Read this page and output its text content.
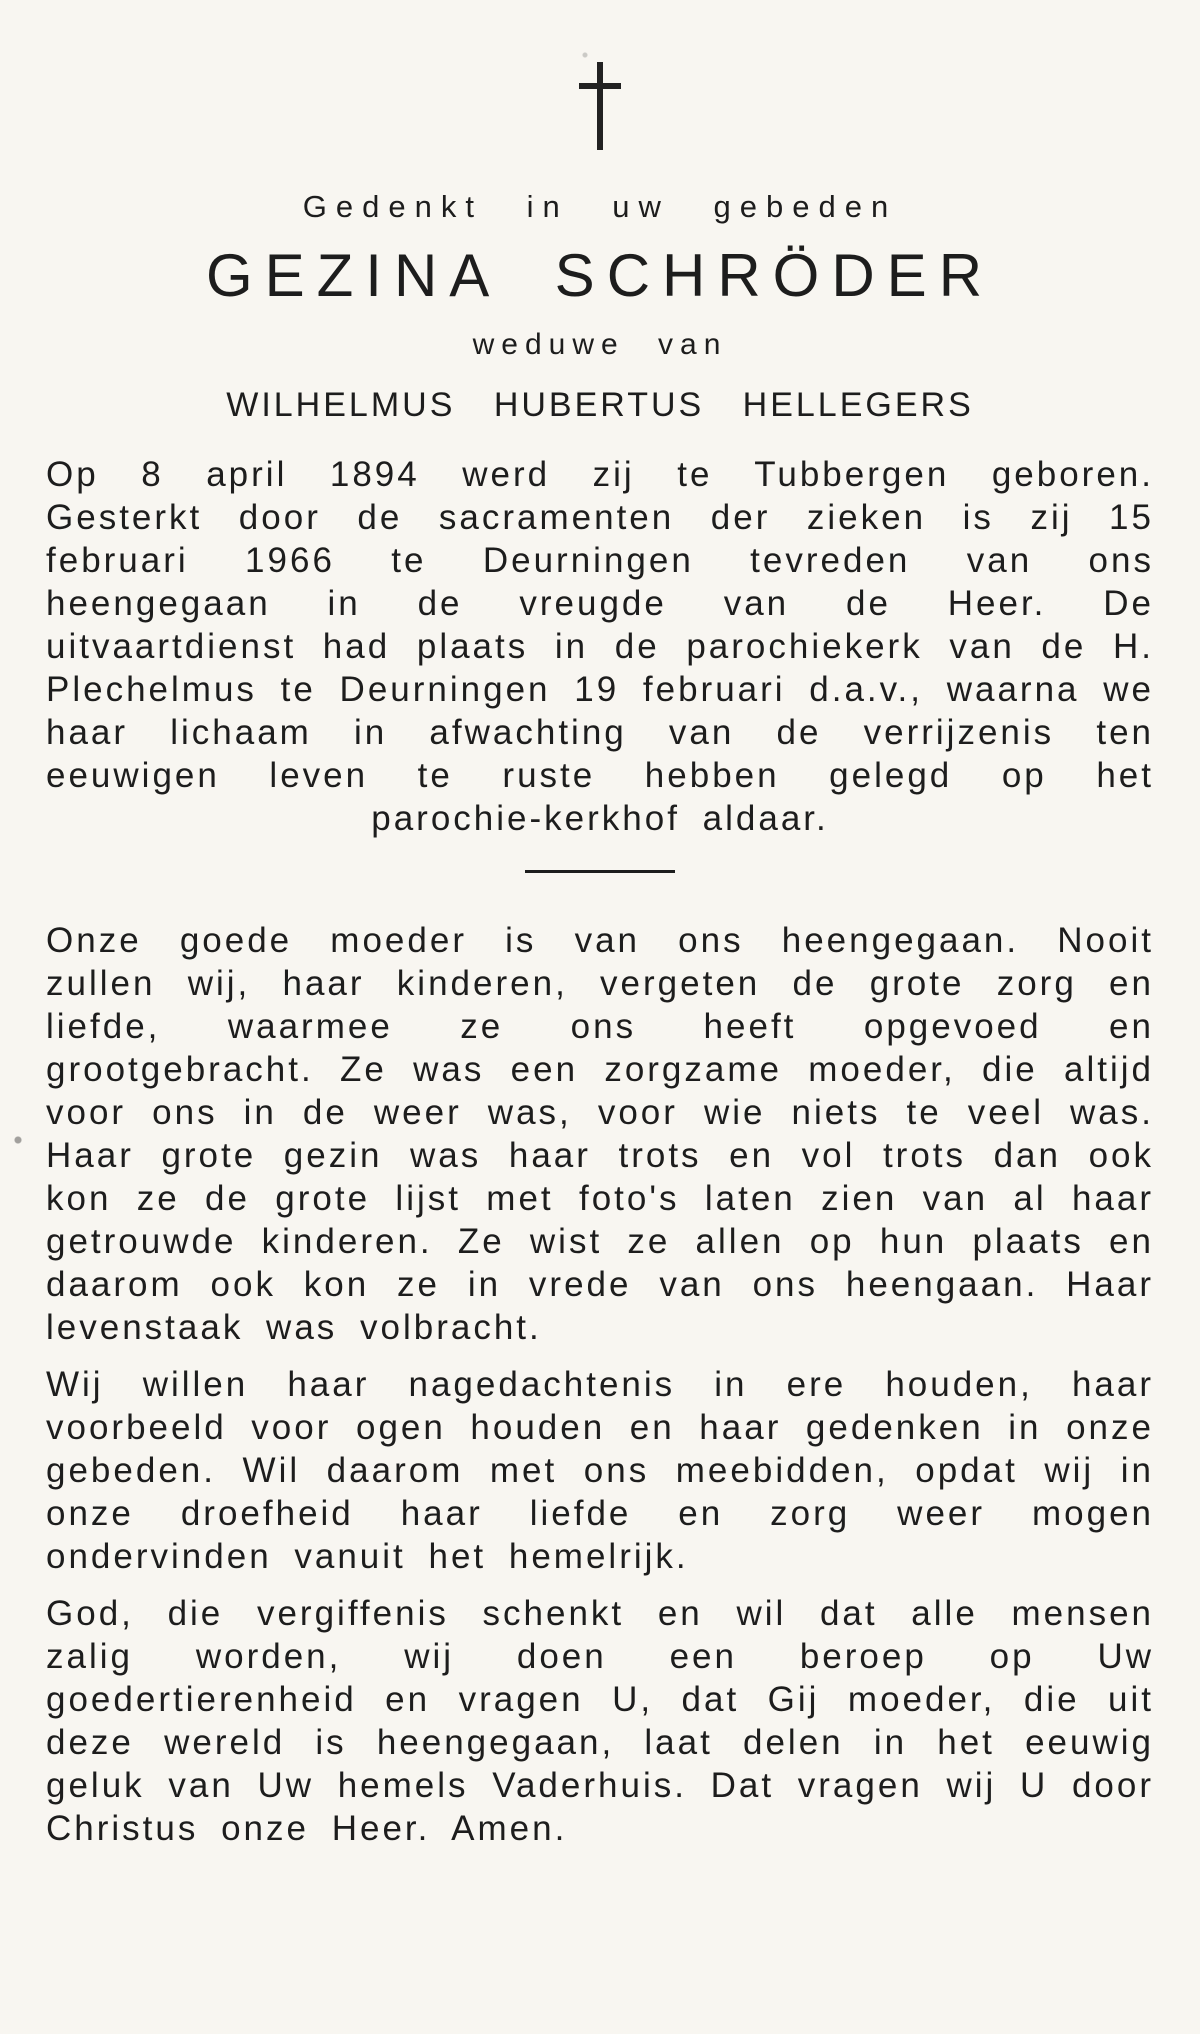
Gedenkt in uw gebeden
GEZINA SCHRÖDER
weduwe van
WILHELMUS HUBERTUS HELLEGERS

Op 8 april 1894 werd zij te Tubbergen geboren. Gesterkt door de sacramenten der zieken is zij 15 februari 1966 te Deurningen tevreden van ons heengegaan in de vreugde van de Heer. De uitvaartdienst had plaats in de parochiekerk van de H. Plechelmus te Deurningen 19 februari d.a.v., waarna we haar lichaam in afwachting van de verrijzenis ten eeuwigen leven te ruste hebben gelegd op het parochie-kerkhof aldaar.

Onze goede moeder is van ons heengegaan. Nooit zullen wij, haar kinderen, vergeten de grote zorg en liefde, waarmee ze ons heeft opgevoed en grootgebracht. Ze was een zorgzame moeder, die altijd voor ons in de weer was, voor wie niets te veel was. Haar grote gezin was haar trots en vol trots dan ook kon ze de grote lijst met foto's laten zien van al haar getrouwde kinderen. Ze wist ze allen op hun plaats en daarom ook kon ze in vrede van ons heengaan. Haar levenstaak was volbracht.

Wij willen haar nagedachtenis in ere houden, haar voorbeeld voor ogen houden en haar gedenken in onze gebeden. Wil daarom met ons meebidden, opdat wij in onze droefheid haar liefde en zorg weer mogen ondervinden vanuit het hemelrijk.

God, die vergiffenis schenkt en wil dat alle mensen zalig worden, wij doen een beroep op Uw goedertierenheid en vragen U, dat Gij moeder, die uit deze wereld is heengegaan, laat delen in het eeuwig geluk van Uw hemels Vaderhuis. Dat vragen wij U door Christus onze Heer. Amen.
